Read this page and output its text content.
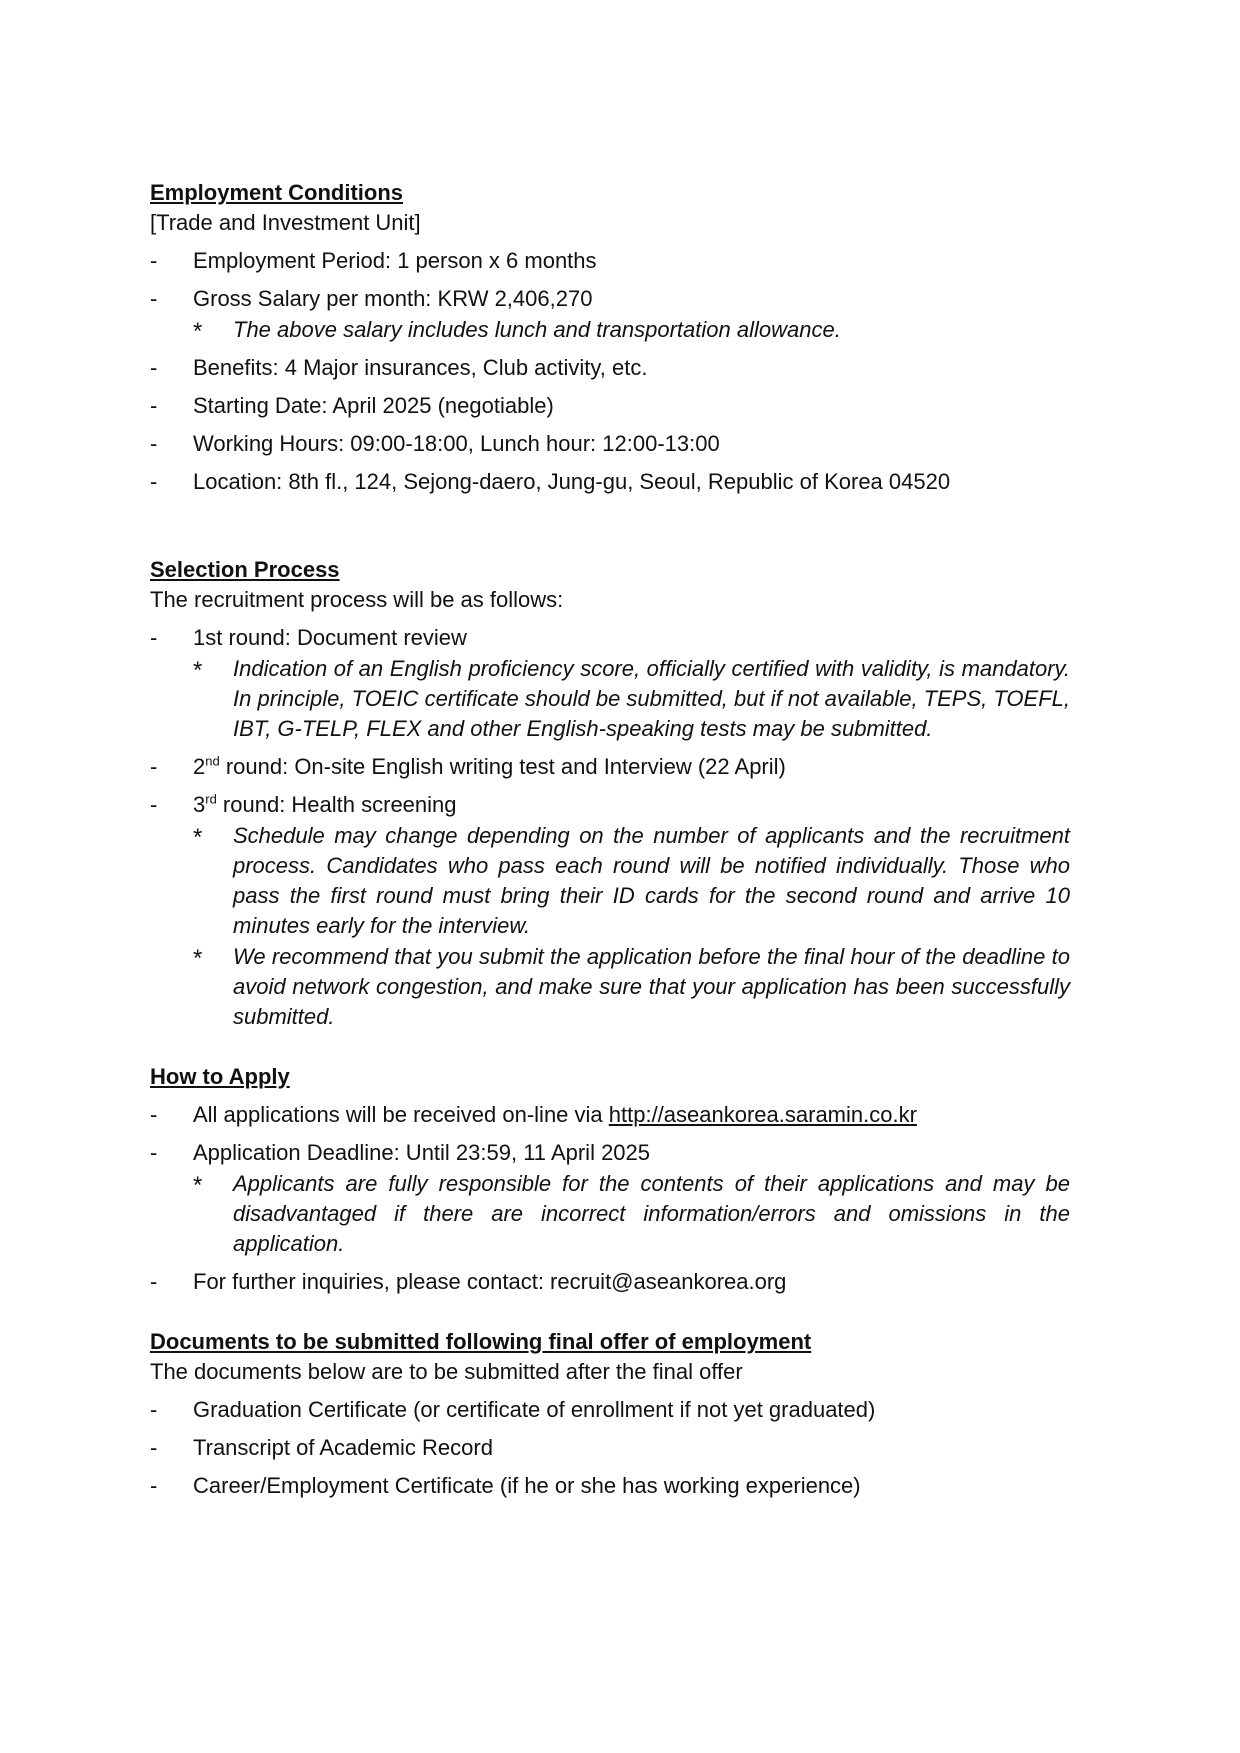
Employment Conditions
[Trade and Investment Unit]
- Employment Period: 1 person x 6 months
- Gross Salary per month: KRW 2,406,270
* The above salary includes lunch and transportation allowance.
- Benefits: 4 Major insurances, Club activity, etc.
- Starting Date: April 2025 (negotiable)
- Working Hours: 09:00-18:00, Lunch hour: 12:00-13:00
- Location: 8th fl., 124, Sejong-daero, Jung-gu, Seoul, Republic of Korea 04520
Selection Process
The recruitment process will be as follows:
- 1st round: Document review
* Indication of an English proficiency score, officially certified with validity, is mandatory. In principle, TOEIC certificate should be submitted, but if not available, TEPS, TOEFL, IBT, G-TELP, FLEX and other English-speaking tests may be submitted.
- 2nd round: On-site English writing test and Interview (22 April)
- 3rd round: Health screening
* Schedule may change depending on the number of applicants and the recruitment process. Candidates who pass each round will be notified individually. Those who pass the first round must bring their ID cards for the second round and arrive 10 minutes early for the interview.
* We recommend that you submit the application before the final hour of the deadline to avoid network congestion, and make sure that your application has been successfully submitted.
How to Apply
- All applications will be received on-line via http://aseankorea.saramin.co.kr
- Application Deadline: Until 23:59, 11 April 2025
* Applicants are fully responsible for the contents of their applications and may be disadvantaged if there are incorrect information/errors and omissions in the application.
- For further inquiries, please contact: recruit@aseankorea.org
Documents to be submitted following final offer of employment
The documents below are to be submitted after the final offer
- Graduation Certificate (or certificate of enrollment if not yet graduated)
- Transcript of Academic Record
- Career/Employment Certificate (if he or she has working experience)
